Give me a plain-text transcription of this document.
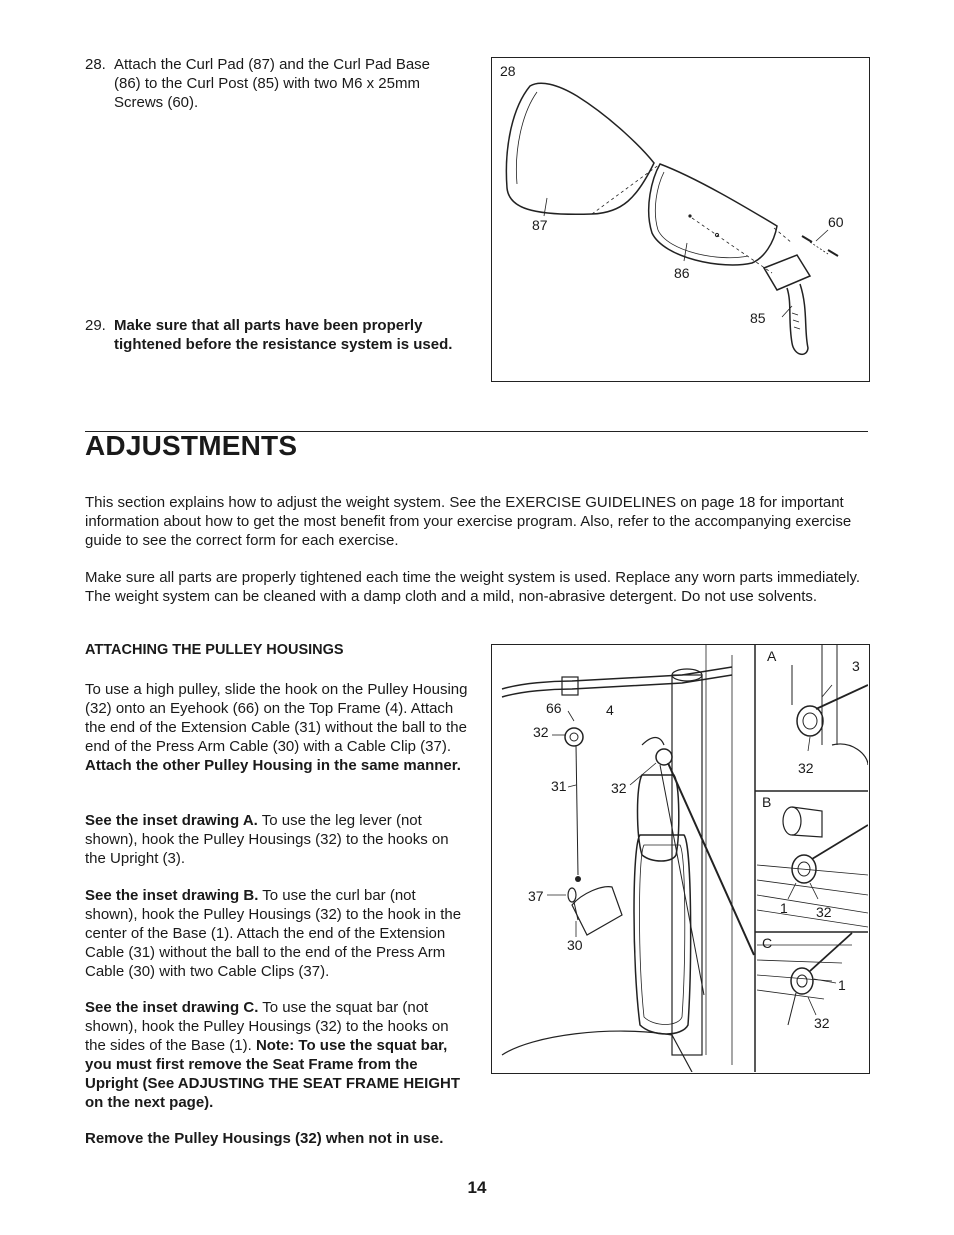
28. Attach the Curl Pad (87) and the Curl Pad Base (86) to the Curl Post (85) with two M6 x 25mm Screws (60).
29. Make sure that all parts have been properly tightened before the resistance system is used.
28
87
86
60
85
ADJUSTMENTS
This section explains how to adjust the weight system. See the EXERCISE GUIDELINES on page 18 for important information about how to get the most benefit from your exercise program. Also, refer to the accompanying exercise guide to see the correct form for each exercise.
Make sure all parts are properly tightened each time the weight system is used. Replace any worn parts immediately. The weight system can be cleaned with a damp cloth and a mild, non-abrasive detergent. Do not use solvents.
ATTACHING THE PULLEY HOUSINGS
To use a high pulley, slide the hook on the Pulley Housing (32) onto an Eyehook (66) on the Top Frame (4). Attach the end of the Extension Cable (31) without the ball to the end of the Press Arm Cable (30) with a Cable Clip (37). Attach the other Pulley Housing in the same manner.
See the inset drawing A. To use the leg lever (not shown), hook the Pulley Housings (32) to the hooks on the Upright (3).
See the inset drawing B. To use the curl bar (not shown), hook the Pulley Housings (32) to the hook in the center of the Base (1). Attach the end of the Extension Cable (31) without the ball to the end of the Press Arm Cable (30) with two Cable Clips (37).
See the inset drawing C. To use the squat bar (not shown), hook the Pulley Housings (32) to the hooks on the sides of the Base (1). Note: To use the squat bar, you must first remove the Seat Frame from the Upright (See ADJUSTING THE SEAT FRAME HEIGHT on the next page).
Remove the Pulley Housings (32) when not in use.
66	4
32
31	32
37
30
A
3
32
B
1 32
C
1
32
14
